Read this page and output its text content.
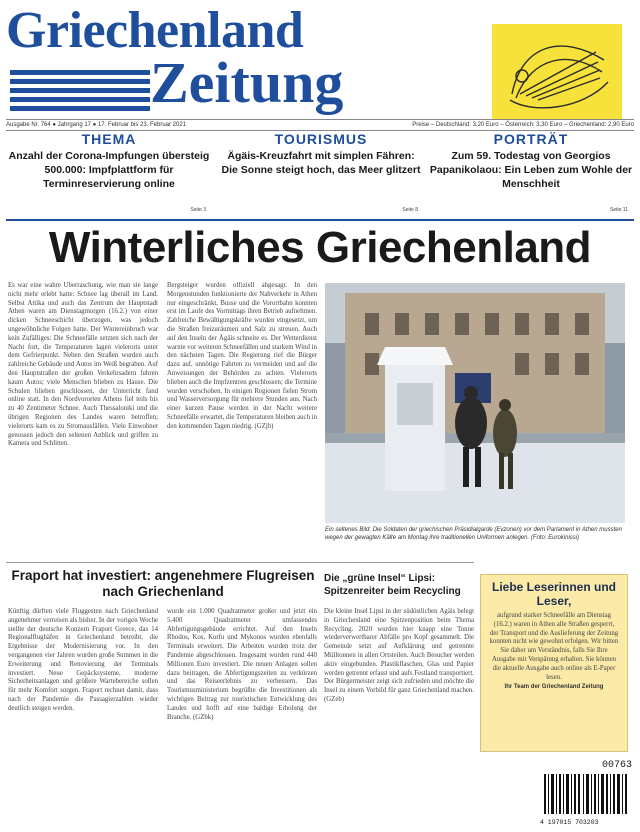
Griechenland
Zeitung
Ausgabe Nr. 764 ● Jahrgang 17 ● 17. Februar bis 23. Februar 2021	Preise – Deutschland: 3,20 Euro – Österreich: 3,30 Euro – Griechenland: 2,90 Euro
THEMA
Anzahl der Corona-Impfungen übersteig 500.000: Impfplattform für Terminreservierung online
Seite 3
TOURISMUS
Ägäis-Kreuzfahrt mit simplen Fähren: Die Sonne steigt hoch, das Meer glitzert
Seite 8
PORTRÄT
Zum 59. Todestag von Georgios Papanikolaou: Ein Leben zum Wohle der Menschheit
Seite 11
Winterliches Griechenland
Es war eine wahre Überraschung, wie man sie lange nicht mehr erlebt hatte: Schnee lag überall im Land. Selbst Attika und auch das Zentrum der Hauptstadt Athen waren am Dienstagmorgen (16.2.) von einer dicken Schneeschicht überzogen, was jedoch ungewöhnliche Folgen hatte. Der Wintereinbruch war kein Zufälliges: Die Schneefälle setzten sich nach der Nacht fort, die Temperaturen lagen vielerorts unter dem Gefrierpunkt. Neben den Straßen wurden auch zahlreiche Gebäude und Autos im Weiß begraben. Auf den Hauptstraßen der großen Verkehrsadern fuhren kaum Autos; viele Menschen blieben zu Hause. Die Schulen blieben geschlossen, der Unterricht fand online statt. In den Nordvororten Athens fiel teils bis zu 40 Zentimeter Schnee. Auch Thessaloniki und die übrigen Regionen des Landes waren betroffen; vielerorts kam es zu Stromausfällen. Viele Einwohner genossen jedoch den seltenen Anblick und griffen zu Kamera und Schlitten.
Bergsteiger wurden offiziell abgesagt. In den Morgenstunden funktionierte der Nahverkehr in Athen nur eingeschränkt, Busse und die Vorortbahn konnten erst im Laufe des Vormittags ihren Betrieb aufnehmen. Zahlreiche Bewältigungskräfte wurden eingesetzt, um die Straßen freizuräumen und Salz zu streuen. Auch auf den Inseln der Ägäis schneite es. Der Wetterdienst warnte vor weiteren Schneefällen und starkem Wind in den nächsten Tagen. Die Regierung rief die Bürger dazu auf, unnötige Fahrten zu vermeiden und auf die Anweisungen der Behörden zu achten. Vielerorts blieben auch die Impfzentren geschlossen; die Termine wurden verschoben. In einigen Regionen fielen Strom und Wasserversorgung für mehrere Stunden aus. Nach einer kurzen Pause werden in der Nacht weitere Schneefälle erwartet, die Temperaturen bleiben auch in den kommenden Tagen niedrig. (GZjh)
Ein seltenes Bild: Die Soldaten der griechischen Präsidialgarde (Evzonen) vor dem Parlament in Athen mussten wegen der gewagten Kälte am Montag ihre traditionellen Uniformen anlegen. (Foto: Eurokinissi)
Fraport hat investiert: angenehmere Flugreisen nach Griechenland
Künftig dürften viele Fluggesten nach Griechenland angenehmer verreisen als bisher. In der vorigen Woche stellte der deutsche Konzern Fraport Greece, das 14 Regionalflughäfen in Griechenland betreibt, die Ergebnisse der Modernisierung vor. In den vergangenen vier Jahren wurden große Summen in die Erweiterung und Renovierung der Terminals investiert. Neue Gepäcksysteme, moderne Sicherheitsanlagen und größere Wartebereiche sollen für mehr Komfort sorgen. Fraport rechnet damit, dass nach der Pandemie die Passagierzahlen wieder deutlich steigen werden.
wurde ein 1.000 Quadratmeter großer und jetzt ein 5.400 Quadratmeter umfassendes Abfertigungsgebäude errichtet. Auf den Inseln Rhodos, Kos, Korfu und Mykonos wurden ebenfalls Terminals erweitert. Die Arbeiten wurden trotz der Pandemie abgeschlossen. Insgesamt wurden rund 440 Millionen Euro investiert. Die neuen Anlagen sollen dazu beitragen, die Abfertigungszeiten zu verkürzen und das Reiseerlebnis zu verbessern. Das Tourismusministerium begrüßte die Investitionen als wichtigen Beitrag zur touristischen Entwicklung des Landes und hofft auf eine baldige Erholung der Branche. (GZbk)
Die „grüne Insel“ Lipsi: Spitzenreiter beim Recycling
Die kleine Insel Lipsi in der südöstlichen Ägäis belegt in Griechenland eine Spitzenposition beim Thema Recycling. 2020 wurden hier knapp eine Tonne wiederverwertbarer Abfälle pro Kopf gesammelt. Die Gemeinde setzt auf Aufklärung und getrennte Mülltonnen in allen Ortsteilen. Auch Besucher werden aktiv eingebunden. Plastikflaschen, Glas und Papier werden getrennt erfasst und aufs Festland transportiert. Der Bürgermeister zeigt sich zufrieden und möchte die Insel zu einem Vorbild für ganz Griechenland machen. (GZeb)
Liebe Leserinnen und Leser,
aufgrund starker Schneefälle am Dienstag (16.2.) waren in Athen alle Straßen gesperrt, der Transport und die Auslieferung der Zeitung konnten nicht wie gewohnt erfolgen. Wir bitten Sie daher um Verständnis, falls Sie Ihre Ausgabe mit Verspätung erhalten. Sie können die aktuelle Ausgabe auch online als E-Paper lesen.
Ihr Team der Griechenland Zeitung
00763
4 197015 703203
